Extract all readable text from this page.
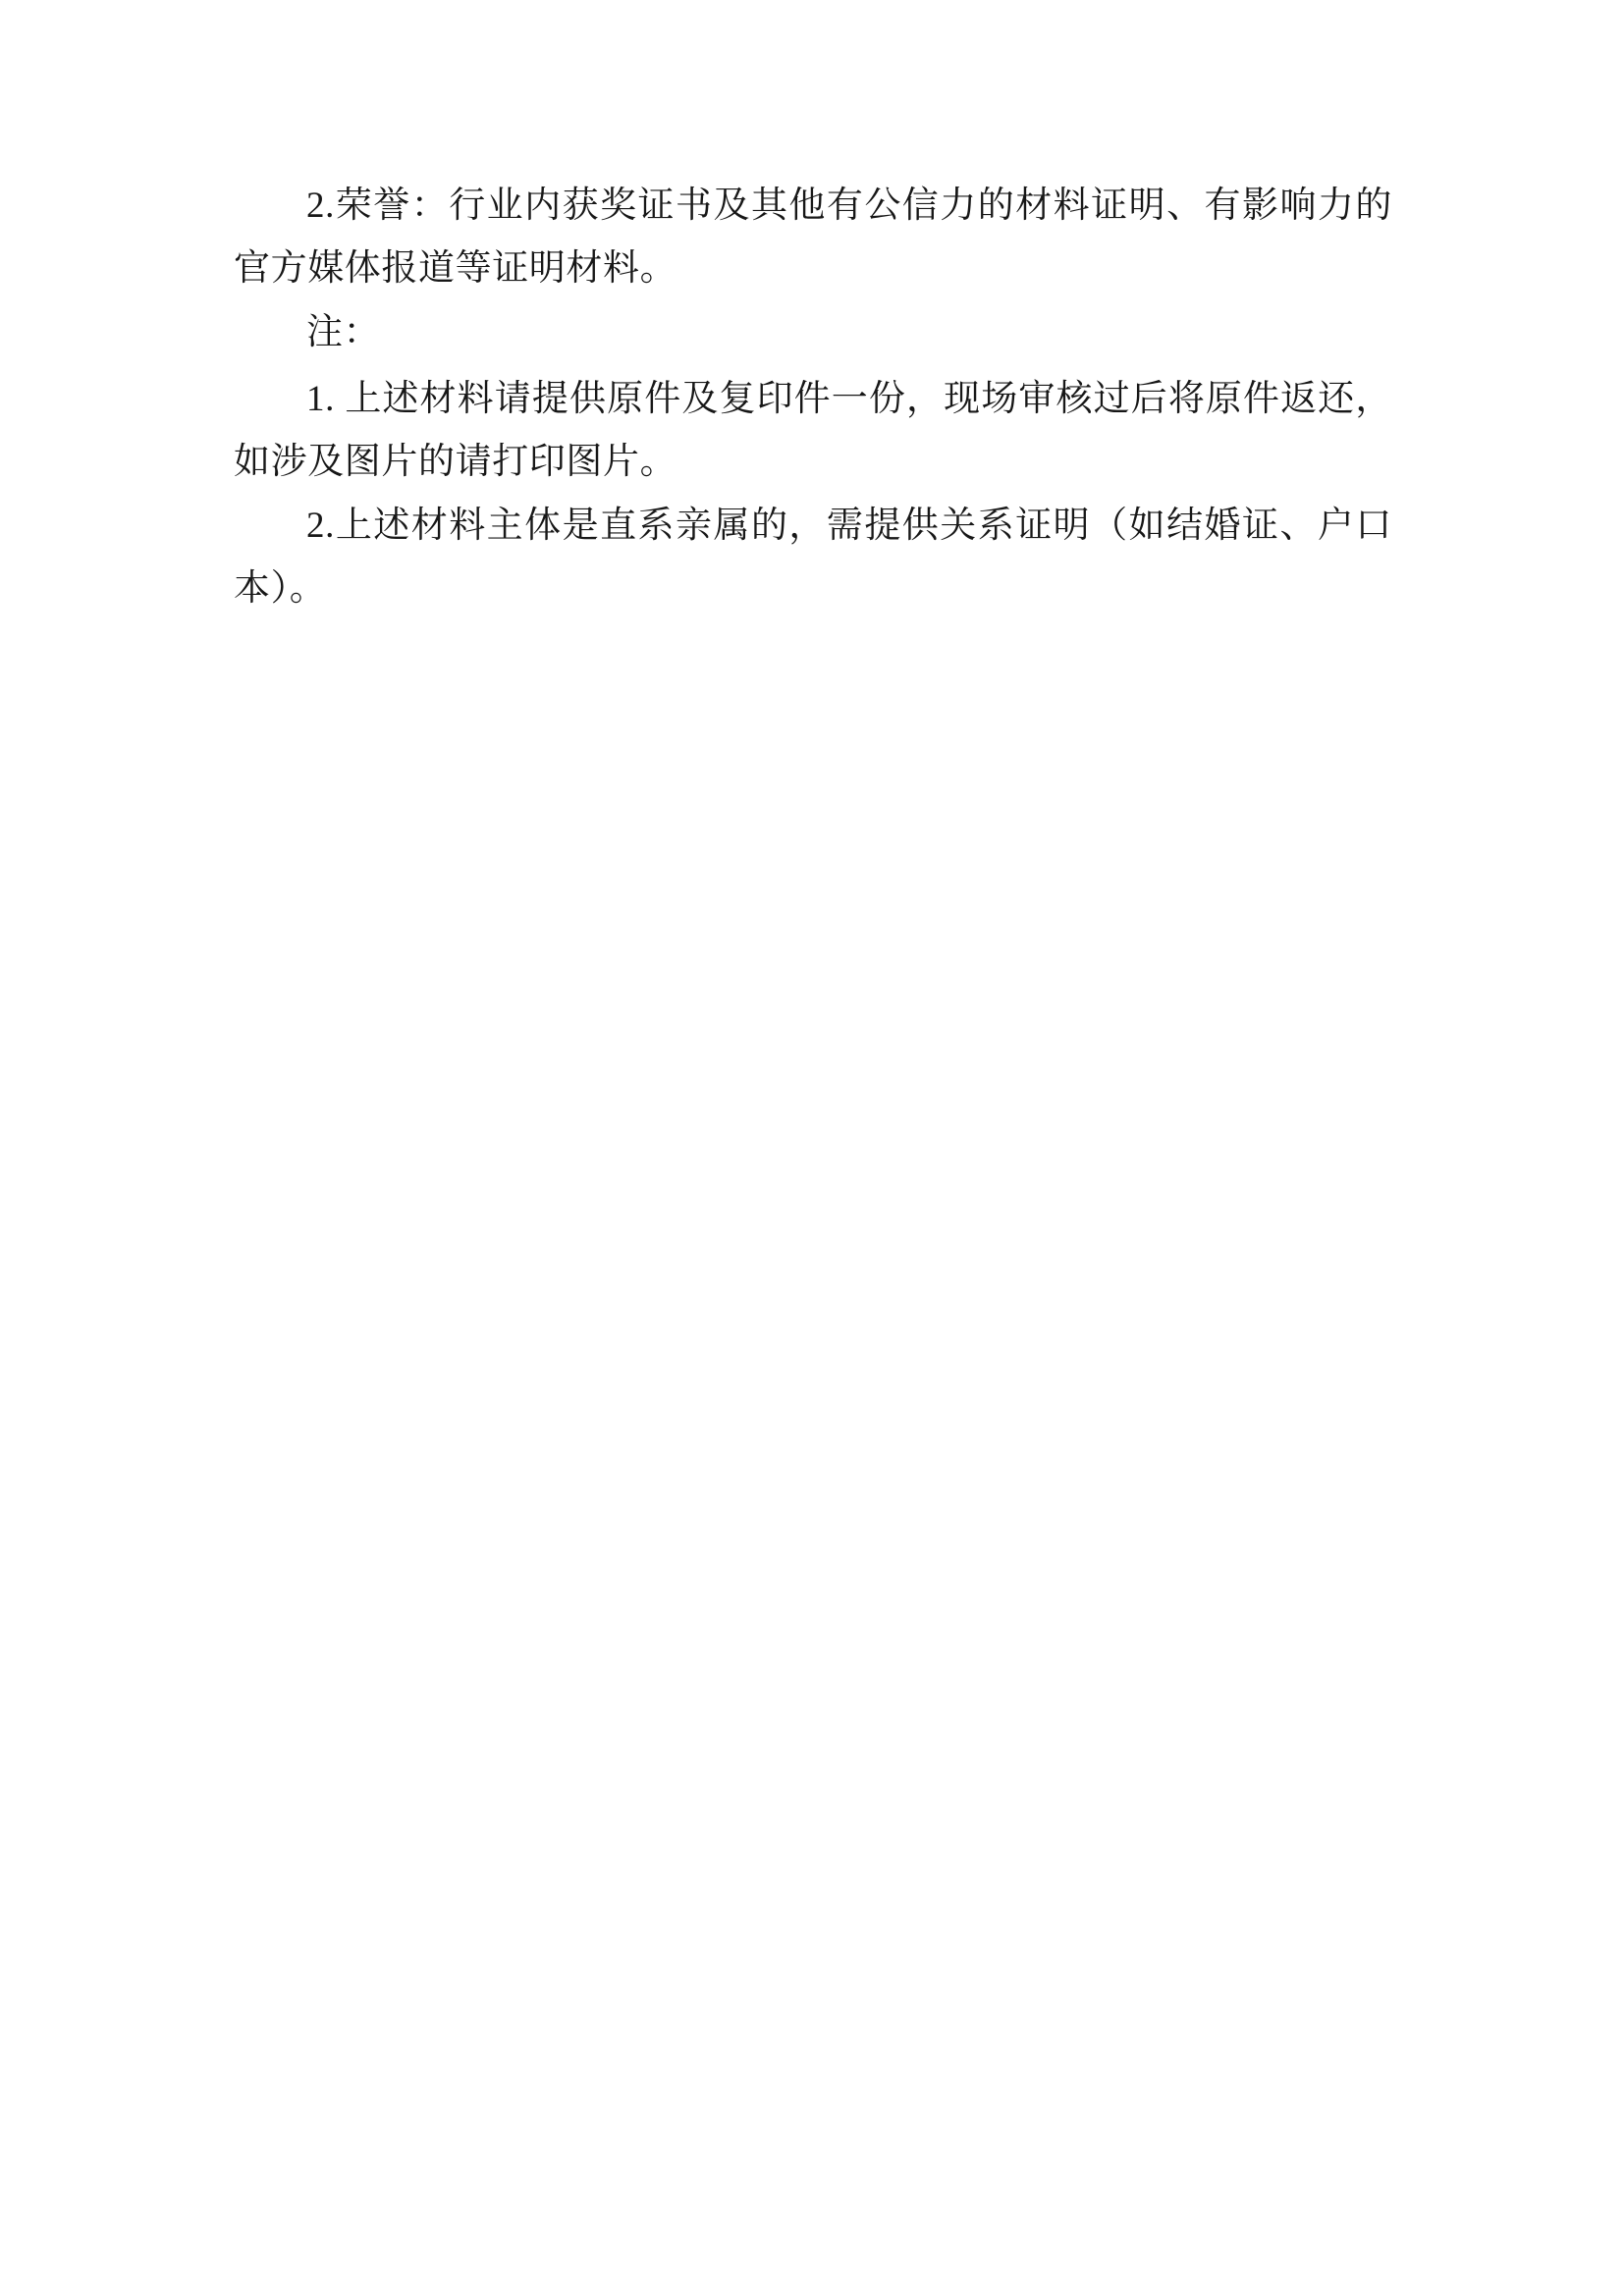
2.荣誉：行业内获奖证书及其他有公信力的材料证明、有影响力的官方媒体报道等证明材料。

注：

1. 上述材料请提供原件及复印件一份，现场审核过后将原件返还，如涉及图片的请打印图片。

2.上述材料主体是直系亲属的，需提供关系证明（如结婚证、户口本）。
